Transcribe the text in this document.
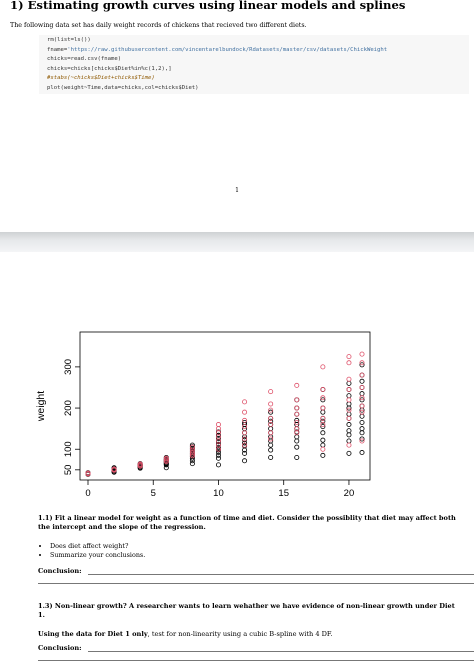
1) Estimating growth curves using linear models and splines
The following data set has daily weight records of chickens that recieved two different diets.
rm(list=ls())
fname='https://raw.githubusercontent.com/vincentarelbundock/Rdatasets/master/csv/datasets/ChickWeight
chicks=read.csv(fname)
chicks=chicks[chicks$Diet%in%c(1,2),]
#stabs(~chicks$Diet+chicks$Time)
plot(weight~Time,data=chicks,col=chicks$Diet)
1
0	5	10	15	20
50
100
200
300
weight
1.1) Fit a linear model for weight as a function of time and diet. Consider the possiblity that diet may affect both the intercept and the slope of the regression.
• Does diet affect weight?
• Summarize your conclusions.
Conclusion:
1.3) Non-linear growth? A researcher wants to learn wehather we have evidence of non-linear growth under Diet 1.
Using the data for Diet 1 only, test for non-linearity using a cubic B-spline with 4 DF.
Conclusion:
